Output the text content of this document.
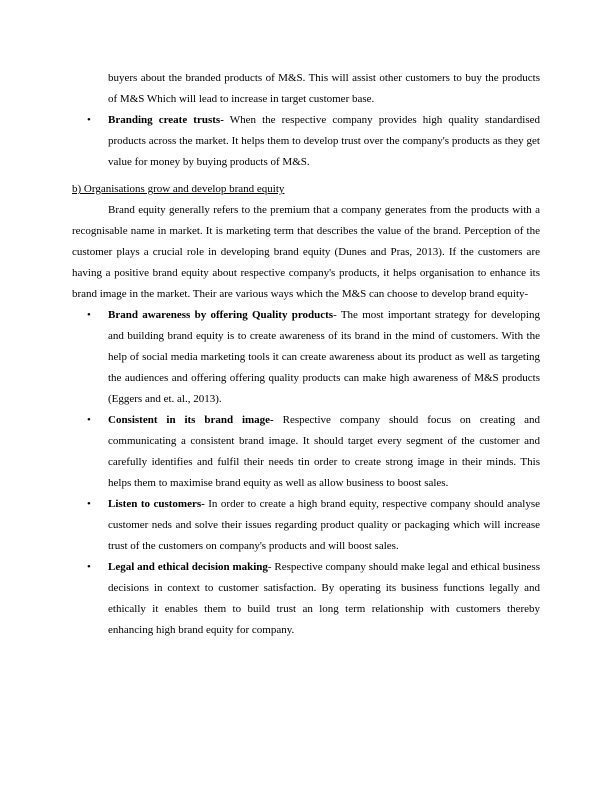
buyers about the branded products of M&S. This will assist other customers to buy the products of M&S Which will lead to increase in target customer base.

• Branding create trusts- When the respective company provides high quality standardised products across the market. It helps them to develop trust over the company's products as they get value for money by buying products of M&S.

b) Organisations grow and develop brand equity

Brand equity generally refers to the premium that a company generates from the products with a recognisable name in market. It is marketing term that describes the value of the brand. Perception of the customer plays a crucial role in developing brand equity (Dunes and Pras, 2013). If the customers are having a positive brand equity about respective company's products, it helps organisation to enhance its brand image in the market. Their are various ways which the M&S can choose to develop brand equity-

• Brand awareness by offering Quality products- The most important strategy for developing and building brand equity is to create awareness of its brand in the mind of customers. With the help of social media marketing tools it can create awareness about its product as well as targeting the audiences and offering offering quality products can make high awareness of M&S products (Eggers and et. al., 2013).
• Consistent in its brand image- Respective company should focus on creating and communicating a consistent brand image. It should target every segment of the customer and carefully identifies and fulfil their needs tin order to create strong image in their minds. This helps them to maximise brand equity as well as allow business to boost sales.
• Listen to customers- In order to create a high brand equity, respective company should analyse customer neds and solve their issues regarding product quality or packaging which will increase trust of the customers on company's products and will boost sales.
• Legal and ethical decision making- Respective company should make legal and ethical business decisions in context to customer satisfaction. By operating its business functions legally and ethically it enables them to build trust an long term relationship with customers thereby enhancing high brand equity for company.
